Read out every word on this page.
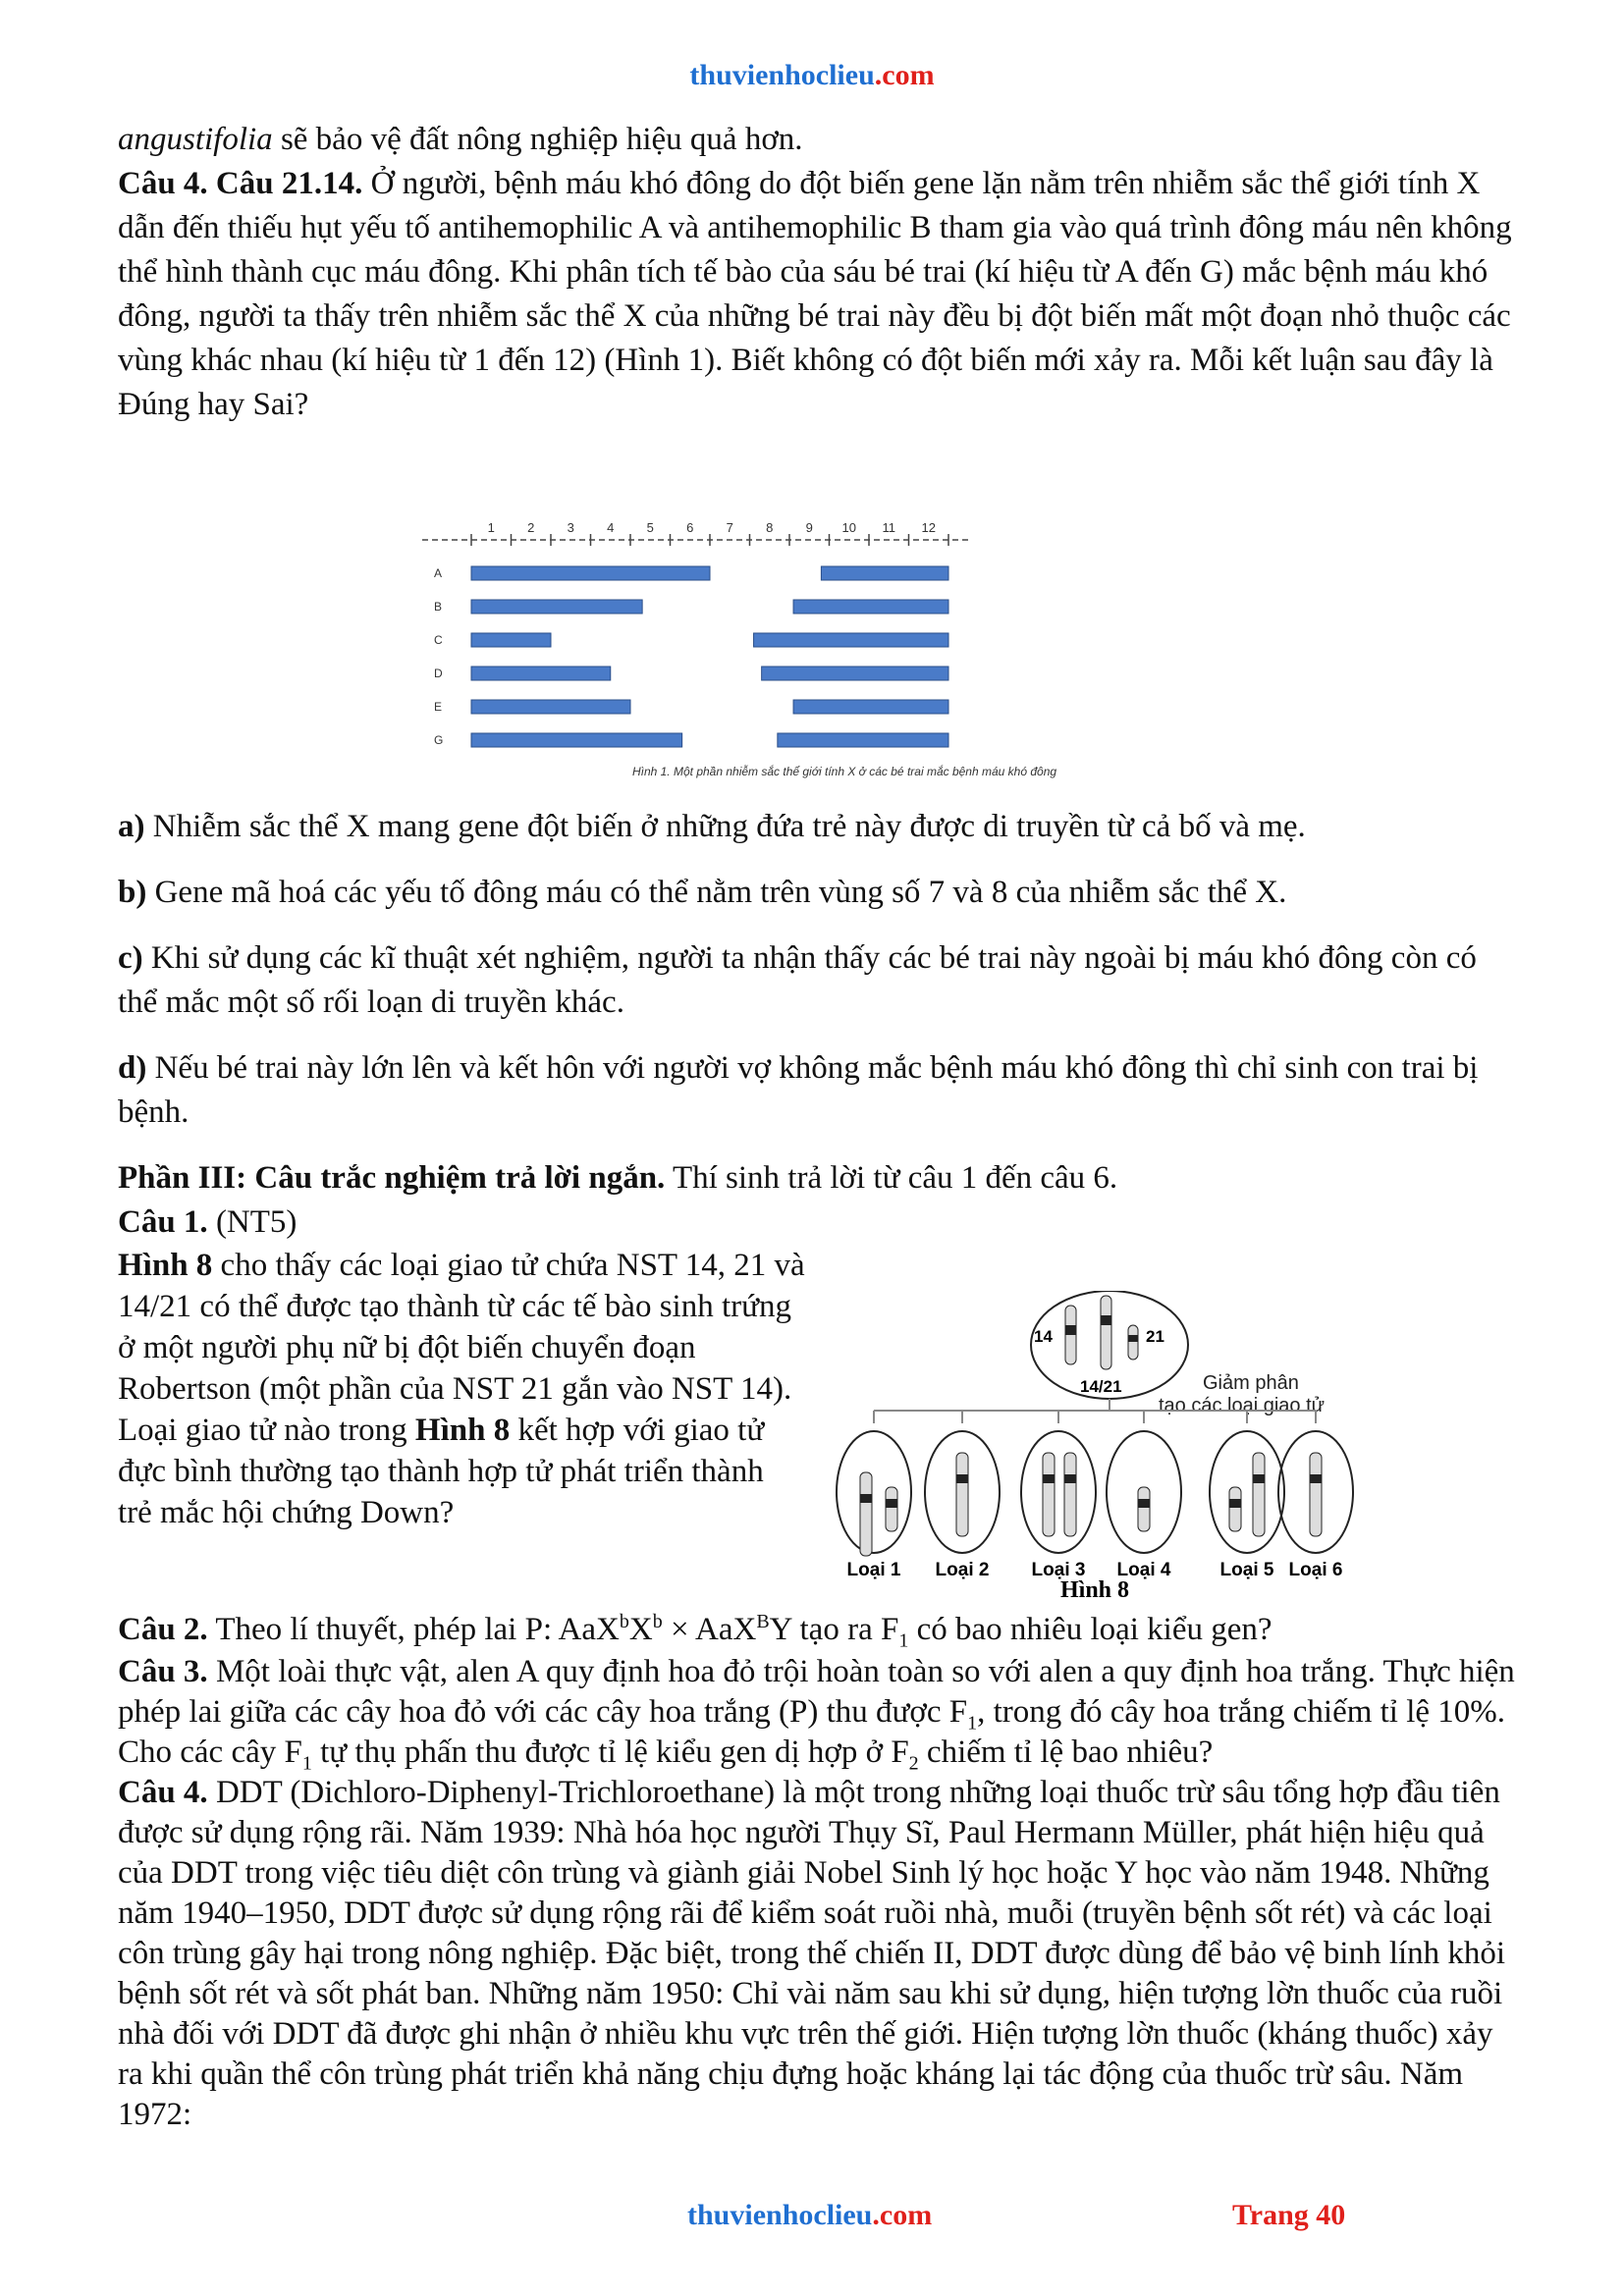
thuvienhoclieu.com

angustifolia sẽ bảo vệ đất nông nghiệp hiệu quả hơn.

Câu 4. Câu 21.14. Ở người, bệnh máu khó đông do đột biến gene lặn nằm trên nhiễm sắc thể giới tính X dẫn đến thiếu hụt yếu tố antihemophilic A và antihemophilic B tham gia vào quá trình đông máu nên không thể hình thành cục máu đông. Khi phân tích tế bào của sáu bé trai (kí hiệu từ A đến G) mắc bệnh máu khó đông, người ta thấy trên nhiễm sắc thể X của những bé trai này đều bị đột biến mất một đoạn nhỏ thuộc các vùng khác nhau (kí hiệu từ 1 đến 12) (Hình 1). Biết không có đột biến mới xảy ra. Mỗi kết luận sau đây là Đúng hay Sai?

1	2	3	4	5	6	7	8	9 10 11 12
A
B
C
D
E
G
Hình 1. Một phần nhiễm sắc thể giới tính X ở các bé trai mắc bệnh máu khó đông

a) Nhiễm sắc thể X mang gene đột biến ở những đứa trẻ này được di truyền từ cả bố và mẹ.

b) Gene mã hoá các yếu tố đông máu có thể nằm trên vùng số 7 và 8 của nhiễm sắc thể X.

c) Khi sử dụng các kĩ thuật xét nghiệm, người ta nhận thấy các bé trai này ngoài bị máu khó đông còn có thể mắc một số rối loạn di truyền khác.

d) Nếu bé trai này lớn lên và kết hôn với người vợ không mắc bệnh máu khó đông thì chỉ sinh con trai bị bệnh.

Phần III: Câu trắc nghiệm trả lời ngắn. Thí sinh trả lời từ câu 1 đến câu 6.

Câu 1. (NT5)

Hình 8 cho thấy các loại giao tử chứa NST 14, 21 và 14/21 có thể được tạo thành từ các tế bào sinh trứng ở một người phụ nữ bị đột biến chuyển đoạn Robertson (một phần của NST 21 gắn vào NST 14). Loại giao tử nào trong Hình 8 kết hợp với giao tử đực bình thường tạo thành hợp tử phát triển thành trẻ mắc hội chứng Down?

14	21
14/21	Giảm phân
tạo các loại giao tử
Loại 1 Loại 2 Loại 3 Loại 4	Loại 5 Loại 6
Hình 8

Câu 2. Theo lí thuyết, phép lai P: $AaX^bX^b \times AaX^BY$ tạo ra $F_1$ có bao nhiêu loại kiểu gen?

Câu 3. Một loài thực vật, alen A quy định hoa đỏ trội hoàn toàn so với alen a quy định hoa trắng. Thực hiện phép lai giữa các cây hoa đỏ với các cây hoa trắng (P) thu được $F_1$, trong đó cây hoa trắng chiếm tỉ lệ 10%. Cho các cây $F_1$ tự thụ phấn thu được tỉ lệ kiểu gen dị hợp ở $F_2$ chiếm tỉ lệ bao nhiêu?

Câu 4. DDT (Dichloro-Diphenyl-Trichloroethane) là một trong những loại thuốc trừ sâu tổng hợp đầu tiên được sử dụng rộng rãi. Năm 1939: Nhà hóa học người Thụy Sĩ, Paul Hermann Müller, phát hiện hiệu quả của DDT trong việc tiêu diệt côn trùng và giành giải Nobel Sinh lý học hoặc Y học vào năm 1948. Những năm 1940–1950, DDT được sử dụng rộng rãi để kiểm soát ruồi nhà, muỗi (truyền bệnh sốt rét) và các loại côn trùng gây hại trong nông nghiệp. Đặc biệt, trong thế chiến II, DDT được dùng để bảo vệ binh lính khỏi bệnh sốt rét và sốt phát ban. Những năm 1950: Chỉ vài năm sau khi sử dụng, hiện tượng lờn thuốc của ruồi nhà đối với DDT đã được ghi nhận ở nhiều khu vực trên thế giới. Hiện tượng lờn thuốc (kháng thuốc) xảy ra khi quần thể côn trùng phát triển khả năng chịu đựng hoặc kháng lại tác động của thuốc trừ sâu. Năm 1972:

thuvienhoclieu.com	Trang 40
